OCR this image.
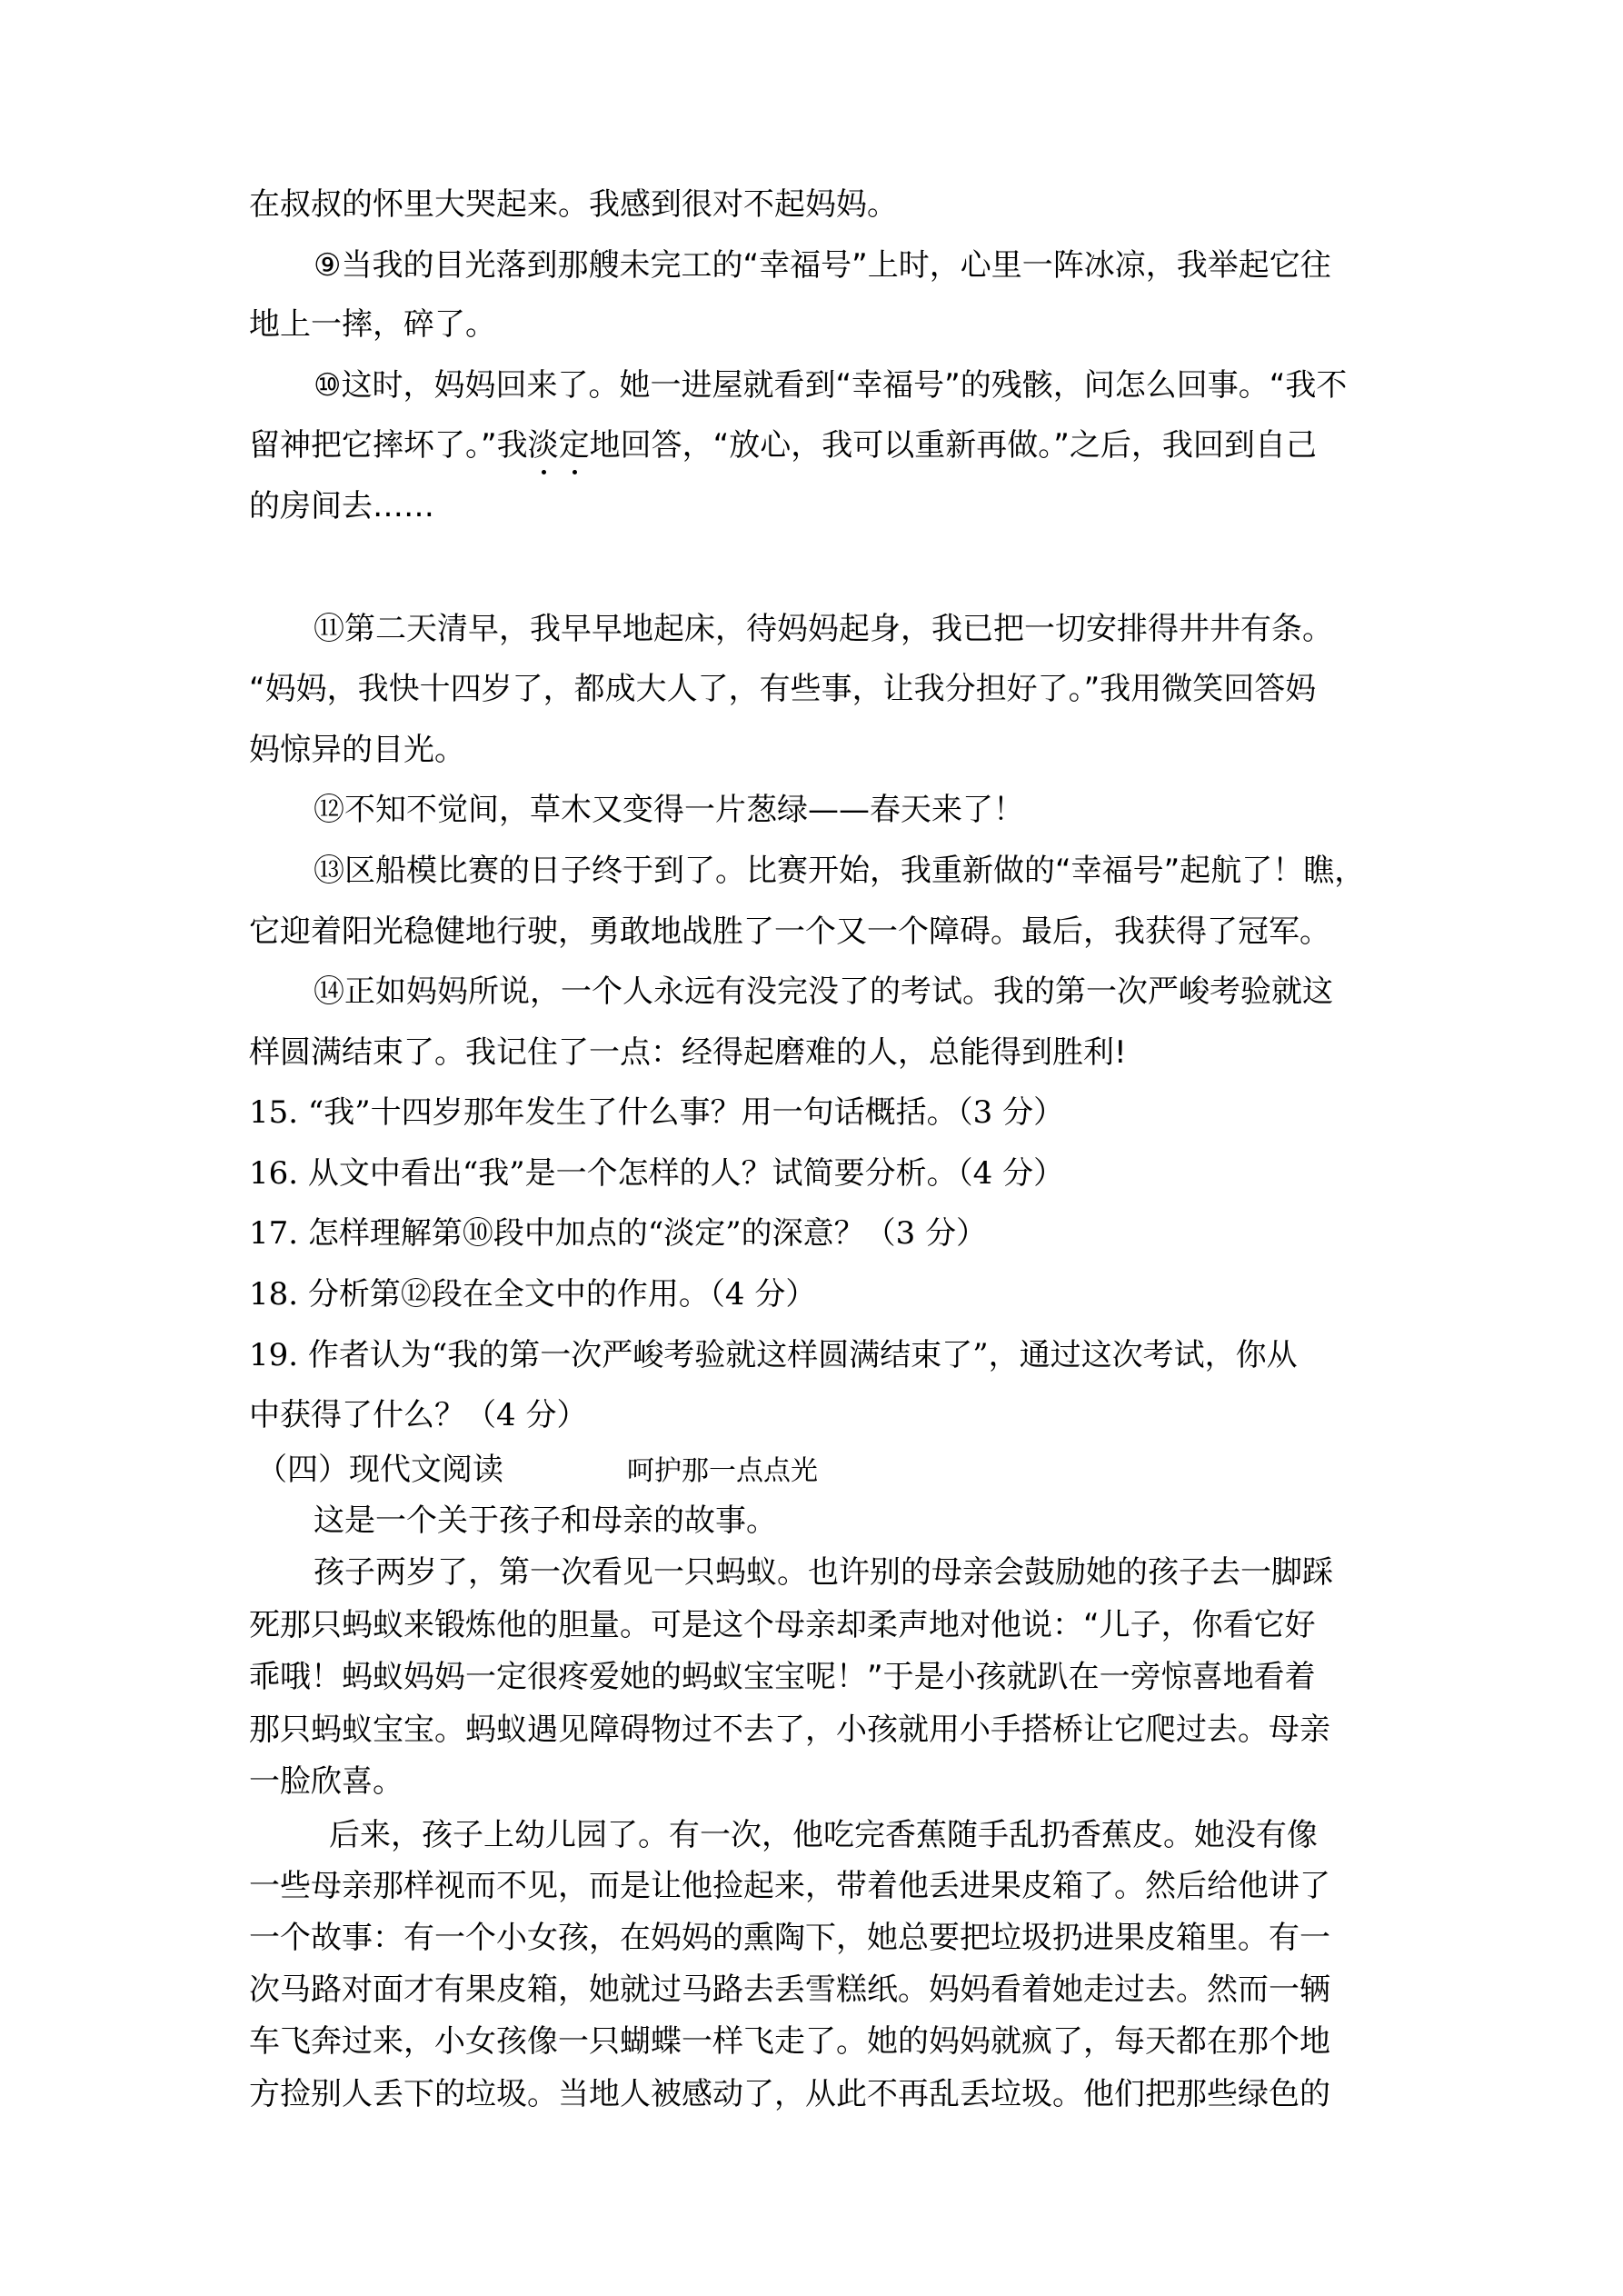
在叔叔的怀里大哭起来。我感到很对不起妈妈。
⑨当我的目光落到那艘未完工的“幸福号”上时，心里一阵冰凉，我举起它往
地上一摔，碎了。
⑩这时，妈妈回来了。她一进屋就看到“幸福号”的残骸，问怎么回事。“我不
留神把它摔坏了。”我淡定地回答，“放心，我可以重新再做。”之后，我回到自己
的房间去……
⑪第二天清早，我早早地起床，待妈妈起身，我已把一切安排得井井有条。
“妈妈，我快十四岁了，都成大人了，有些事，让我分担好了。”我用微笑回答妈
妈惊异的目光。
⑫不知不觉间，草木又变得一片葱绿——春天来了！
⑬区船模比赛的日子终于到了。比赛开始，我重新做的“幸福号”起航了！瞧，
它迎着阳光稳健地行驶，勇敢地战胜了一个又一个障碍。最后，我获得了冠军。
⑭正如妈妈所说，一个人永远有没完没了的考试。我的第一次严峻考验就这
样圆满结束了。我记住了一点：经得起磨难的人，总能得到胜利!
15. “我”十四岁那年发生了什么事？用一句话概括。（3 分）
16. 从文中看出“我”是一个怎样的人？试简要分析。（4 分）
17. 怎样理解第⑩段中加点的“淡定”的深意？（3 分）
18. 分析第⑫段在全文中的作用。（4 分）
19. 作者认为“我的第一次严峻考验就这样圆满结束了”，通过这次考试，你从
中获得了什么？（4 分）
（四）现代文阅读	呵护那一点点光
这是一个关于孩子和母亲的故事。
孩子两岁了，第一次看见一只蚂蚁。也许别的母亲会鼓励她的孩子去一脚踩
死那只蚂蚁来锻炼他的胆量。可是这个母亲却柔声地对他说：“儿子，你看它好
乖哦！蚂蚁妈妈一定很疼爱她的蚂蚁宝宝呢！”于是小孩就趴在一旁惊喜地看着
那只蚂蚁宝宝。蚂蚁遇见障碍物过不去了，小孩就用小手搭桥让它爬过去。母亲
一脸欣喜。
后来，孩子上幼儿园了。有一次，他吃完香蕉随手乱扔香蕉皮。她没有像
一些母亲那样视而不见，而是让他捡起来，带着他丢进果皮箱了。然后给他讲了
一个故事：有一个小女孩，在妈妈的熏陶下，她总要把垃圾扔进果皮箱里。有一
次马路对面才有果皮箱，她就过马路去丢雪糕纸。妈妈看着她走过去。然而一辆
车飞奔过来，小女孩像一只蝴蝶一样飞走了。她的妈妈就疯了，每天都在那个地
方捡别人丢下的垃圾。当地人被感动了，从此不再乱丢垃圾。他们把那些绿色的
